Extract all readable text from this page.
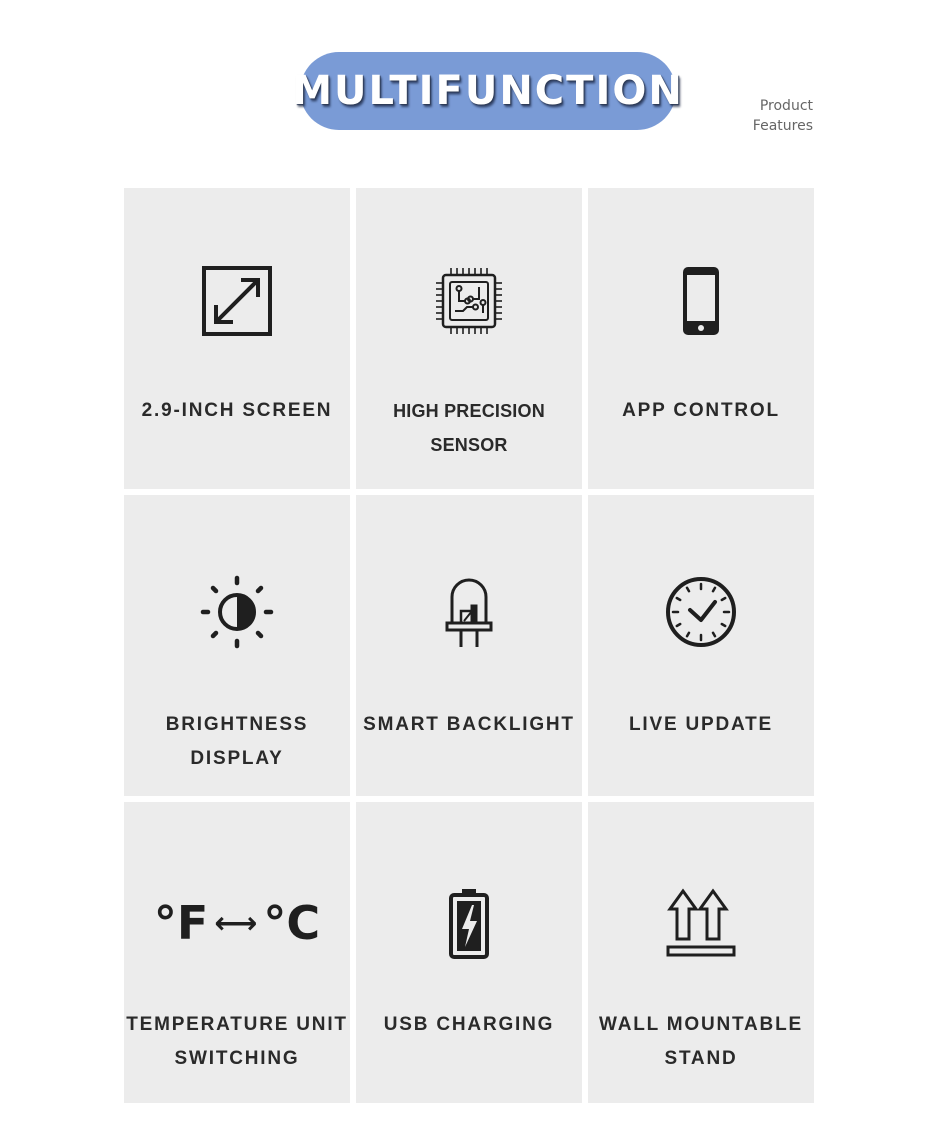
MULTIFUNCTION	Product
Features
2.9-INCH SCREEN	HIGH PRECISION SENSOR
APP CONTROL
BRIGHTNESS DISPLAY
SMART BACKLIGHT	LIVE UPDATE
°F ⟷ °C
TEMPERATURE UNIT
SWITCHING
USB CHARGING	WALL MOUNTABLE
STAND
